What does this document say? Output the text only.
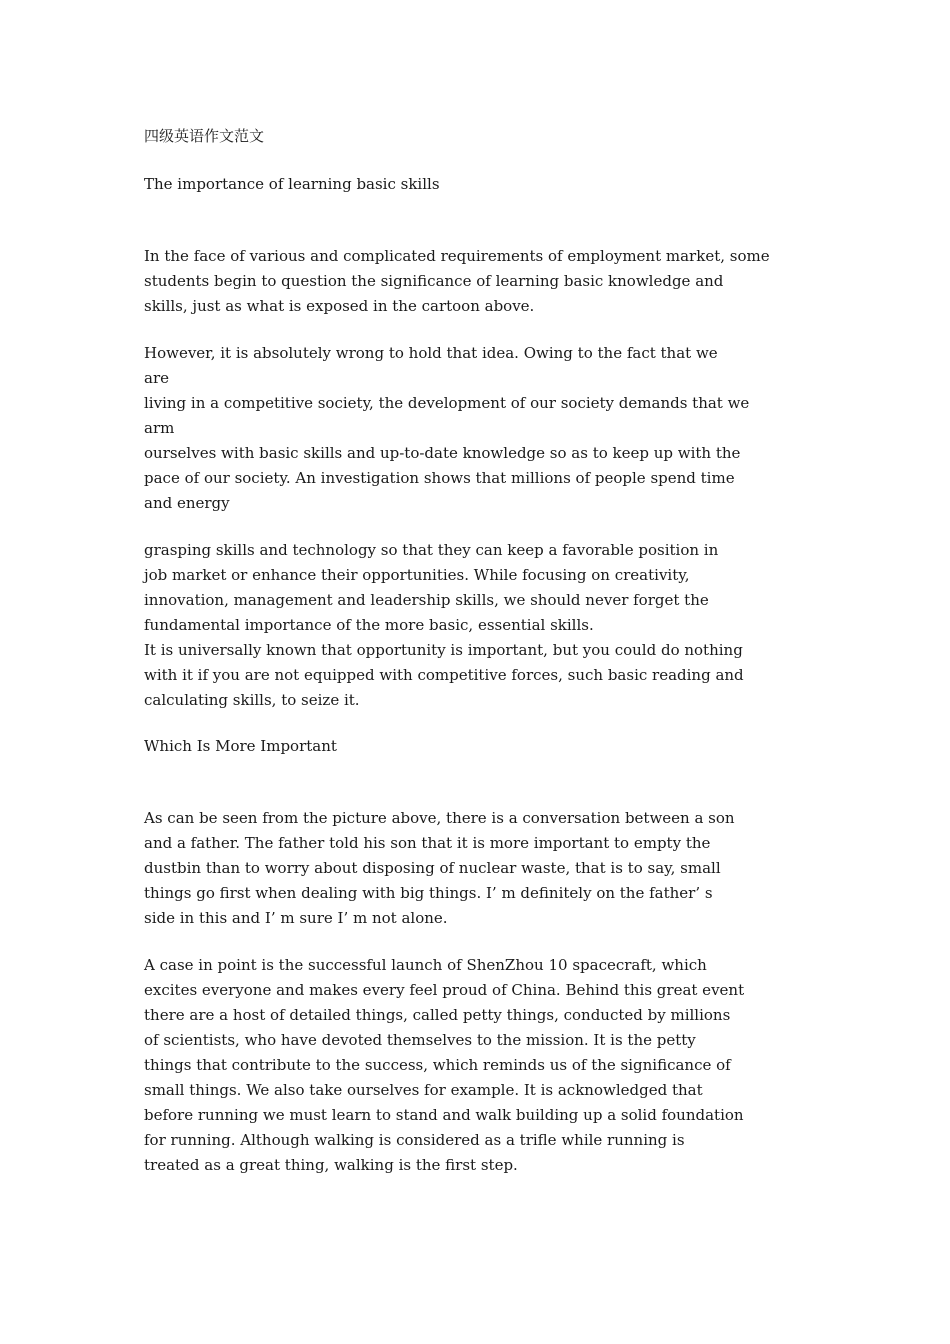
四级英语作文范文
The importance of learning basic skills
In the face of various and complicated requirements of employment market, some
students begin to question the significance of learning basic knowledge and
skills, just as what is exposed in the cartoon above.
However, it is absolutely wrong to hold that idea. Owing to the fact that we
are
living in a competitive society, the development of our society demands that we
arm
ourselves with basic skills and up-to-date knowledge so as to keep up with the
pace of our society. An investigation shows that millions of people spend time
and energy
grasping skills and technology so that they can keep a favorable position in
job market or enhance their opportunities. While focusing on creativity,
innovation, management and leadership skills, we should never forget the
fundamental importance of the more basic, essential skills.
It is universally known that opportunity is important, but you could do nothing
with it if you are not equipped with competitive forces, such basic reading and
calculating skills, to seize it.
Which Is More Important
As can be seen from the picture above, there is a conversation between a son
and a father. The father told his son that it is more important to empty the
dustbin than to worry about disposing of nuclear waste, that is to say, small
things go first when dealing with big things. I’ m definitely on the father’ s
side in this and I’ m sure I’ m not alone.
A case in point is the successful launch of ShenZhou 10 spacecraft, which
excites everyone and makes every feel proud of China. Behind this great event
there are a host of detailed things, called petty things, conducted by millions
of scientists, who have devoted themselves to the mission. It is the petty
things that contribute to the success, which reminds us of the significance of
small things. We also take ourselves for example. It is acknowledged that
before running we must learn to stand and walk building up a solid foundation
for running. Although walking is considered as a trifle while running is
treated as a great thing, walking is the first step.
